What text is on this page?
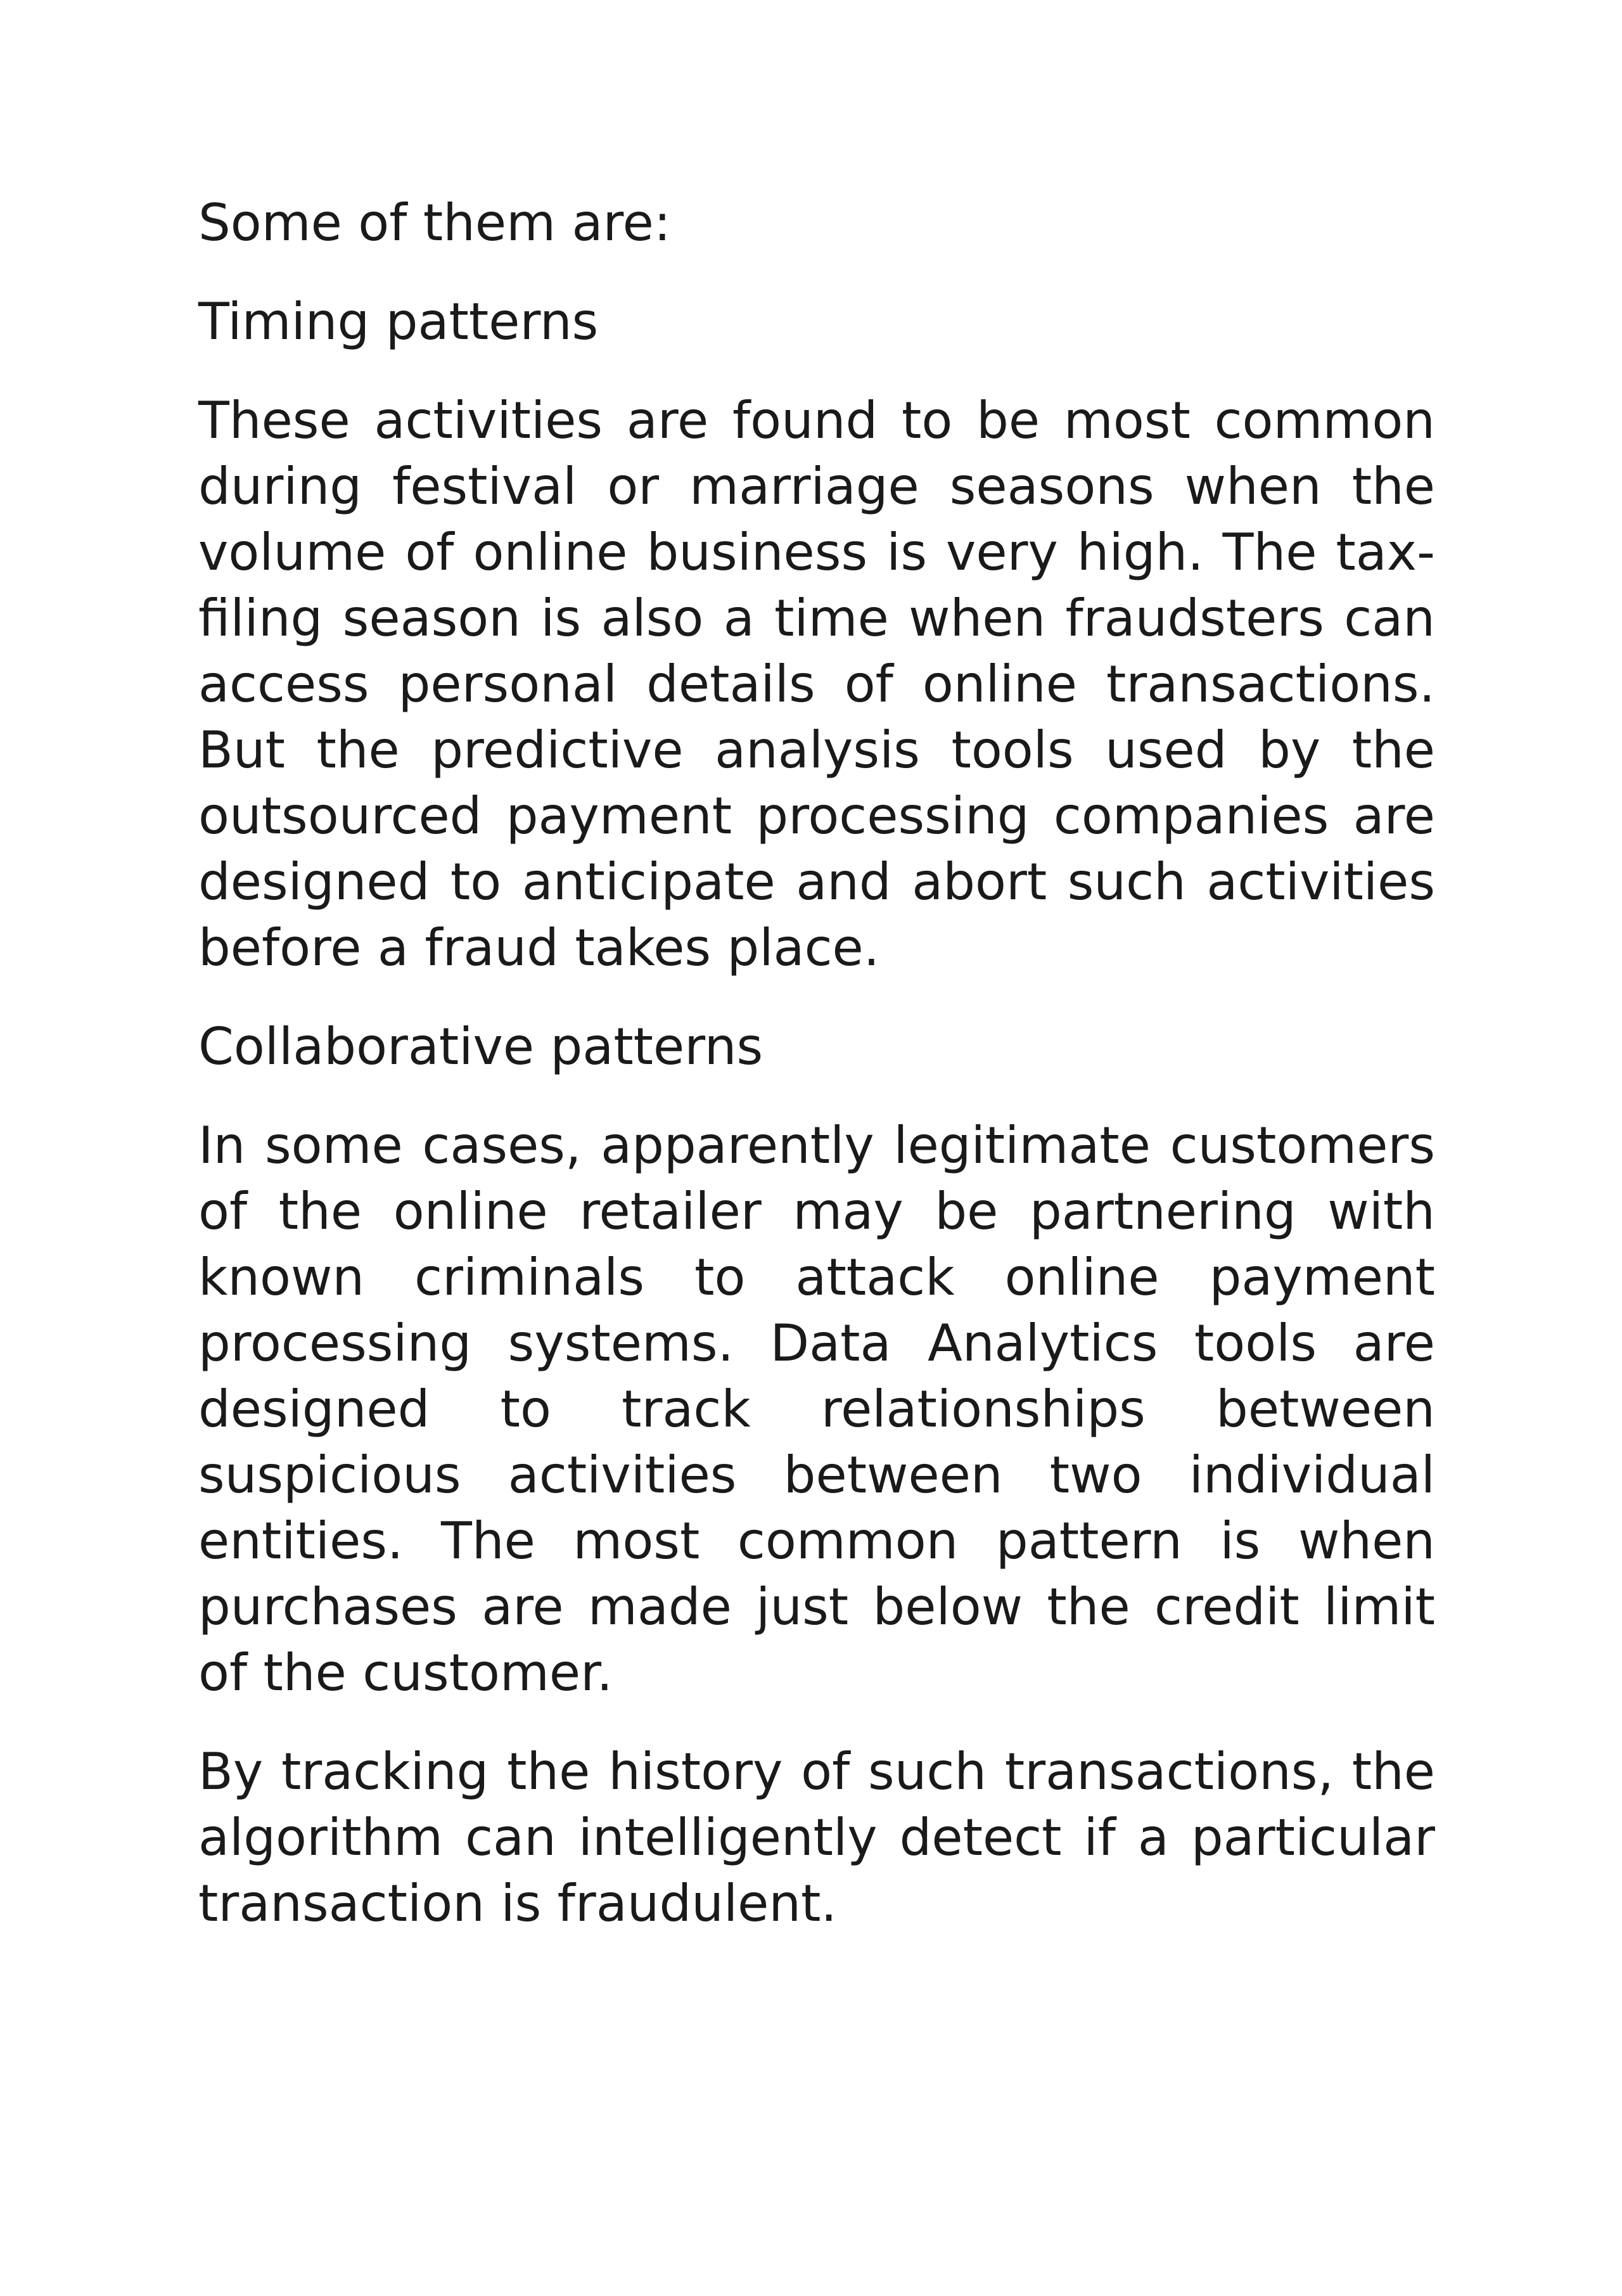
Some of them are:

Timing patterns

These activities are found to be most common during festival or marriage seasons when the volume of online business is very high. The tax-filing season is also a time when fraudsters can access personal details of online transactions. But the predictive analysis tools used by the outsourced payment processing companies are designed to anticipate and abort such activities before a fraud takes place.

Collaborative patterns

In some cases, apparently legitimate customers of the online retailer may be partnering with known criminals to attack online payment processing systems. Data Analytics tools are designed to track relationships between suspicious activities between two individual entities. The most common pattern is when purchases are made just below the credit limit of the customer.

By tracking the history of such transactions, the algorithm can intelligently detect if a particular transaction is fraudulent.
